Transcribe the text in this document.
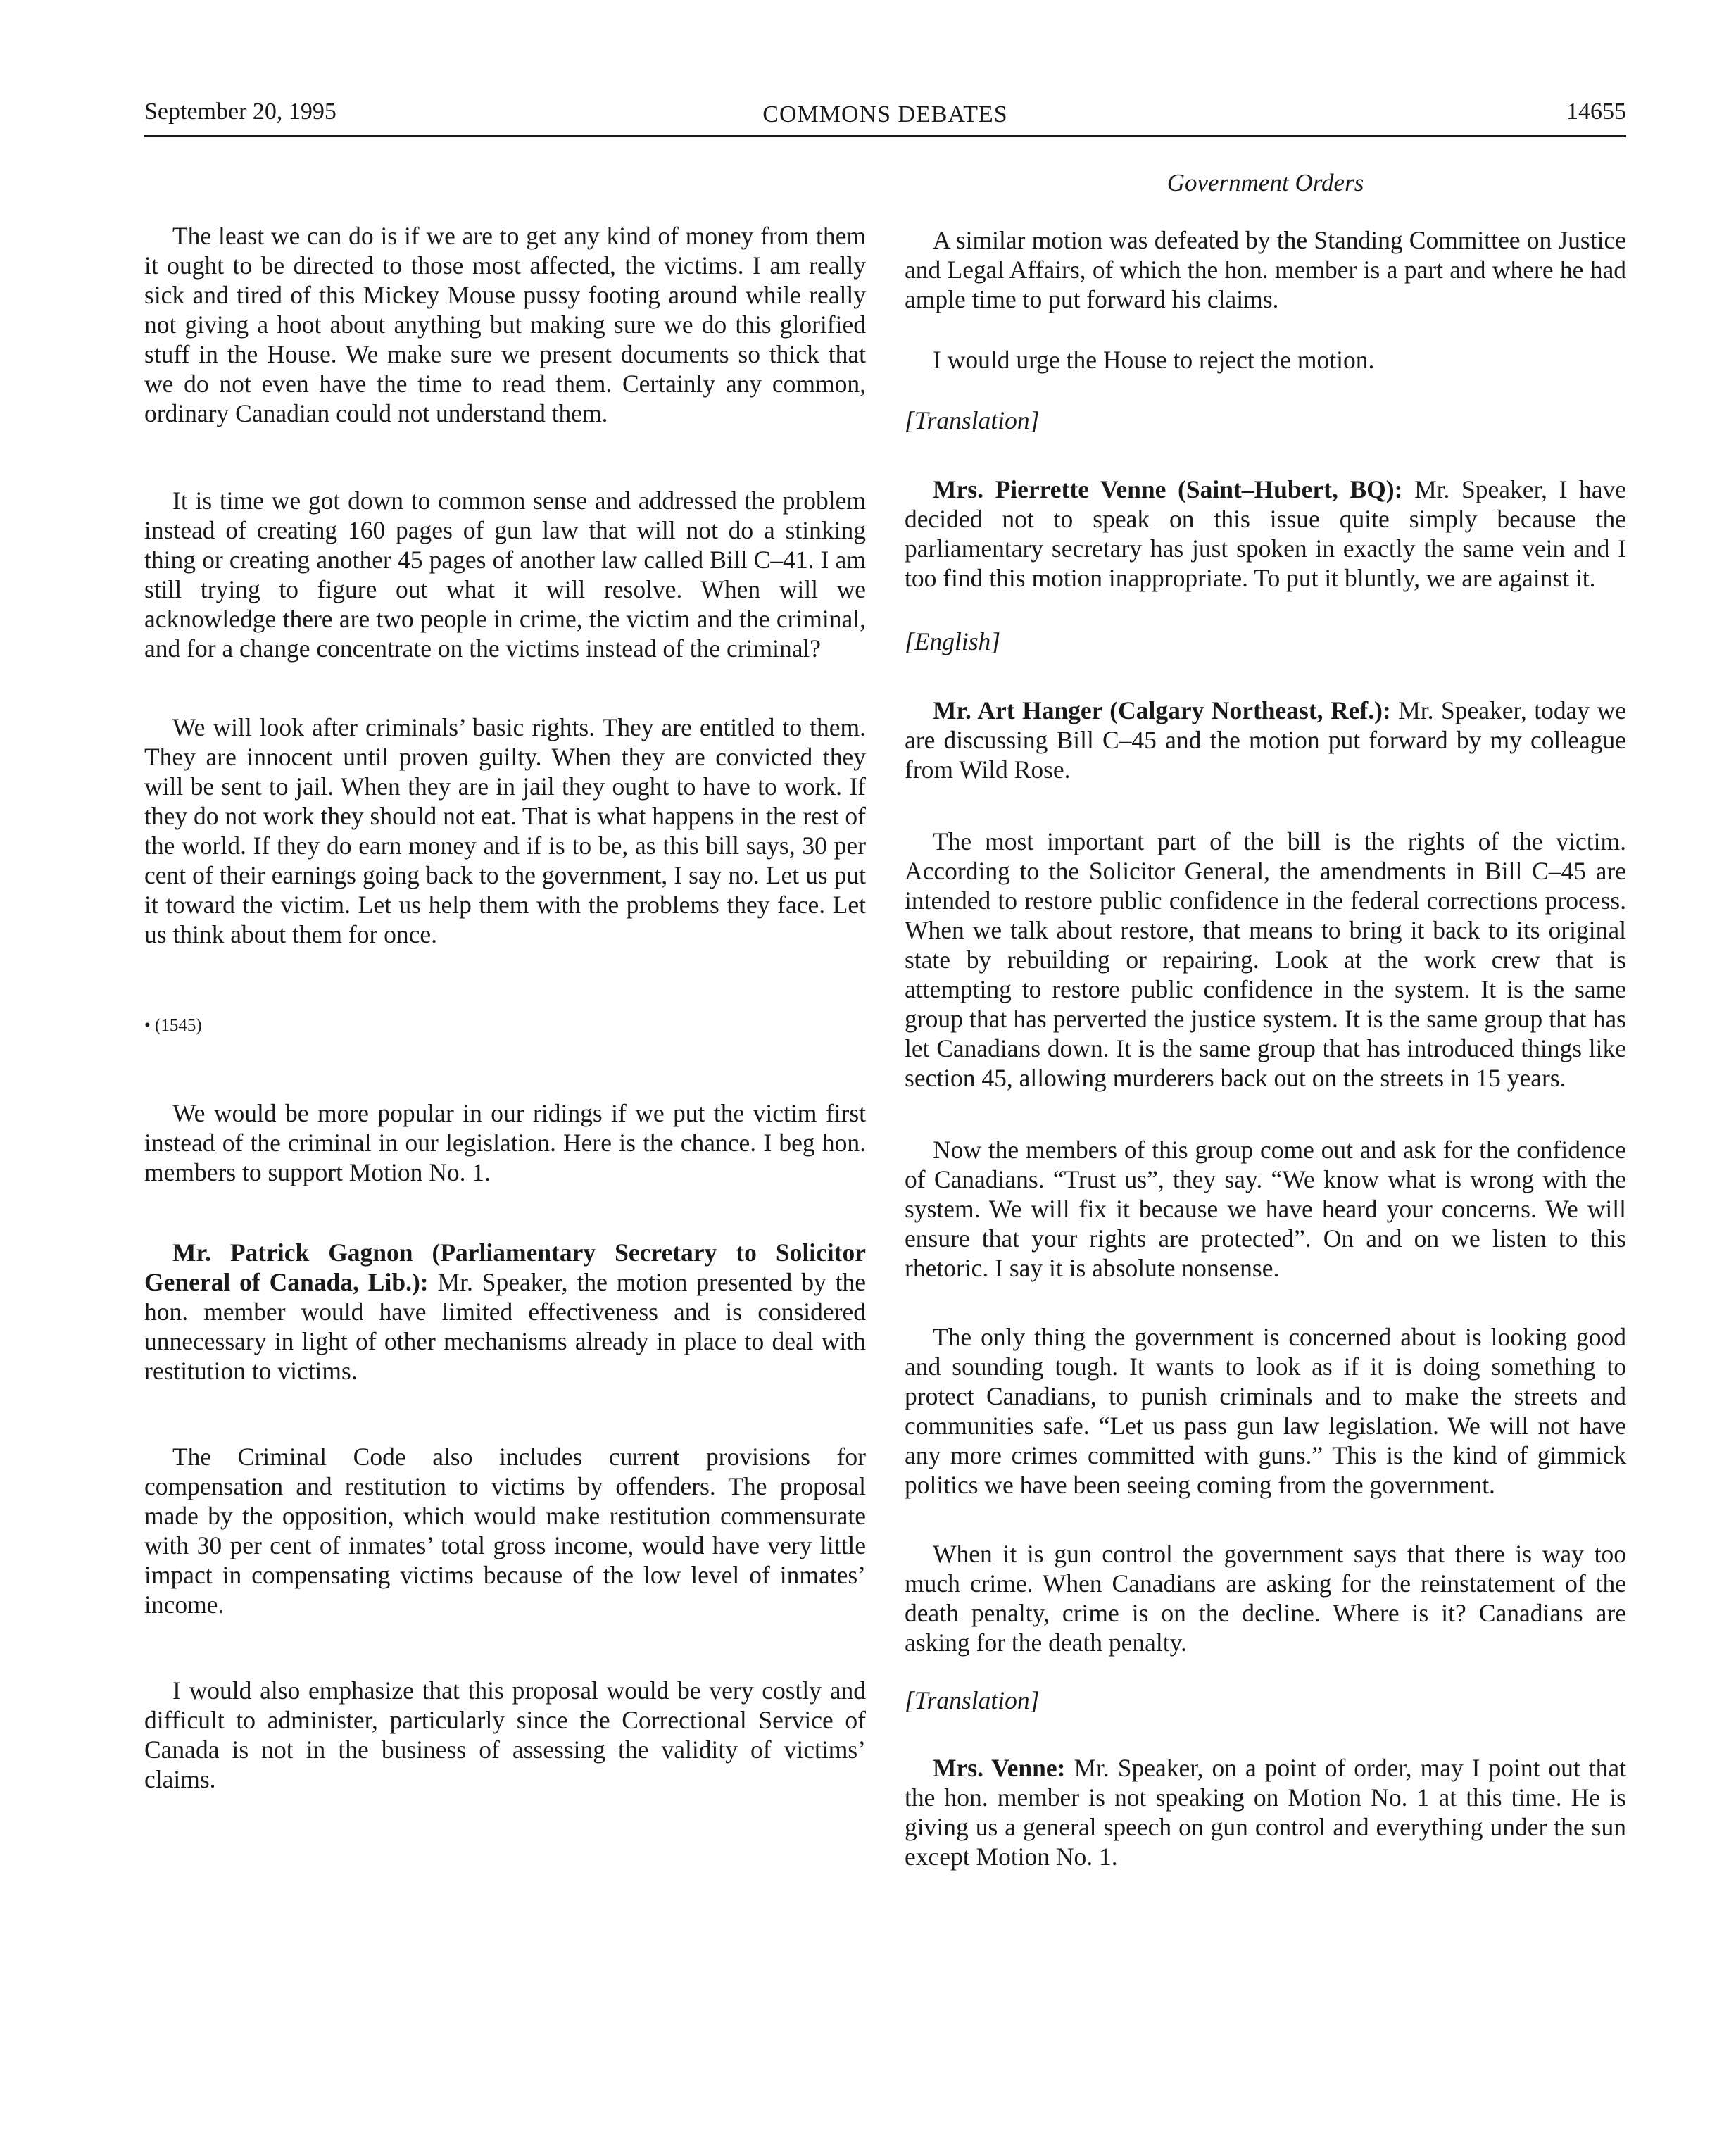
September 20, 1995	COMMONS DEBATES	14655
Government Orders

The least we can do is if we are to get any kind of money from them it ought to be directed to those most affected, the victims. I am really sick and tired of this Mickey Mouse pussy footing around while really not giving a hoot about anything but making sure we do this glorified stuff in the House. We make sure we present documents so thick that we do not even have the time to read them. Certainly any common, ordinary Canadian could not understand them.

It is time we got down to common sense and addressed the problem instead of creating 160 pages of gun law that will not do a stinking thing or creating another 45 pages of another law called Bill C–41. I am still trying to figure out what it will resolve. When will we acknowledge there are two people in crime, the victim and the criminal, and for a change concentrate on the victims instead of the criminal?

We will look after criminals’ basic rights. They are entitled to them. They are innocent until proven guilty. When they are convicted they will be sent to jail. When they are in jail they ought to have to work. If they do not work they should not eat. That is what happens in the rest of the world. If they do earn money and if is to be, as this bill says, 30 per cent of their earnings going back to the government, I say no. Let us put it toward the victim. Let us help them with the problems they face. Let us think about them for once.

• (1545)

We would be more popular in our ridings if we put the victim first instead of the criminal in our legislation. Here is the chance. I beg hon. members to support Motion No. 1.

Mr. Patrick Gagnon (Parliamentary Secretary to Solicitor General of Canada, Lib.): Mr. Speaker, the motion presented by the hon. member would have limited effectiveness and is considered unnecessary in light of other mechanisms already in place to deal with restitution to victims.

The Criminal Code also includes current provisions for compensation and restitution to victims by offenders. The proposal made by the opposition, which would make restitution commensurate with 30 per cent of inmates’ total gross income, would have very little impact in compensating victims because of the low level of inmates’ income.

I would also emphasize that this proposal would be very costly and difficult to administer, particularly since the Correctional Service of Canada is not in the business of assessing the validity of victims’ claims.

A similar motion was defeated by the Standing Committee on Justice and Legal Affairs, of which the hon. member is a part and where he had ample time to put forward his claims.

I would urge the House to reject the motion.

[Translation]

Mrs. Pierrette Venne (Saint–Hubert, BQ): Mr. Speaker, I have decided not to speak on this issue quite simply because the parliamentary secretary has just spoken in exactly the same vein and I too find this motion inappropriate. To put it bluntly, we are against it.

[English]

Mr. Art Hanger (Calgary Northeast, Ref.): Mr. Speaker, today we are discussing Bill C–45 and the motion put forward by my colleague from Wild Rose.

The most important part of the bill is the rights of the victim. According to the Solicitor General, the amendments in Bill C–45 are intended to restore public confidence in the federal corrections process. When we talk about restore, that means to bring it back to its original state by rebuilding or repairing. Look at the work crew that is attempting to restore public confidence in the system. It is the same group that has perverted the justice system. It is the same group that has let Canadians down. It is the same group that has introduced things like section 45, allowing murderers back out on the streets in 15 years.

Now the members of this group come out and ask for the confidence of Canadians. “Trust us”, they say. “We know what is wrong with the system. We will fix it because we have heard your concerns. We will ensure that your rights are protected”. On and on we listen to this rhetoric. I say it is absolute nonsense.

The only thing the government is concerned about is looking good and sounding tough. It wants to look as if it is doing something to protect Canadians, to punish criminals and to make the streets and communities safe. “Let us pass gun law legislation. We will not have any more crimes committed with guns.” This is the kind of gimmick politics we have been seeing coming from the government.

When it is gun control the government says that there is way too much crime. When Canadians are asking for the reinstatement of the death penalty, crime is on the decline. Where is it? Canadians are asking for the death penalty.

[Translation]

Mrs. Venne: Mr. Speaker, on a point of order, may I point out that the hon. member is not speaking on Motion No. 1 at this time. He is giving us a general speech on gun control and everything under the sun except Motion No. 1.
